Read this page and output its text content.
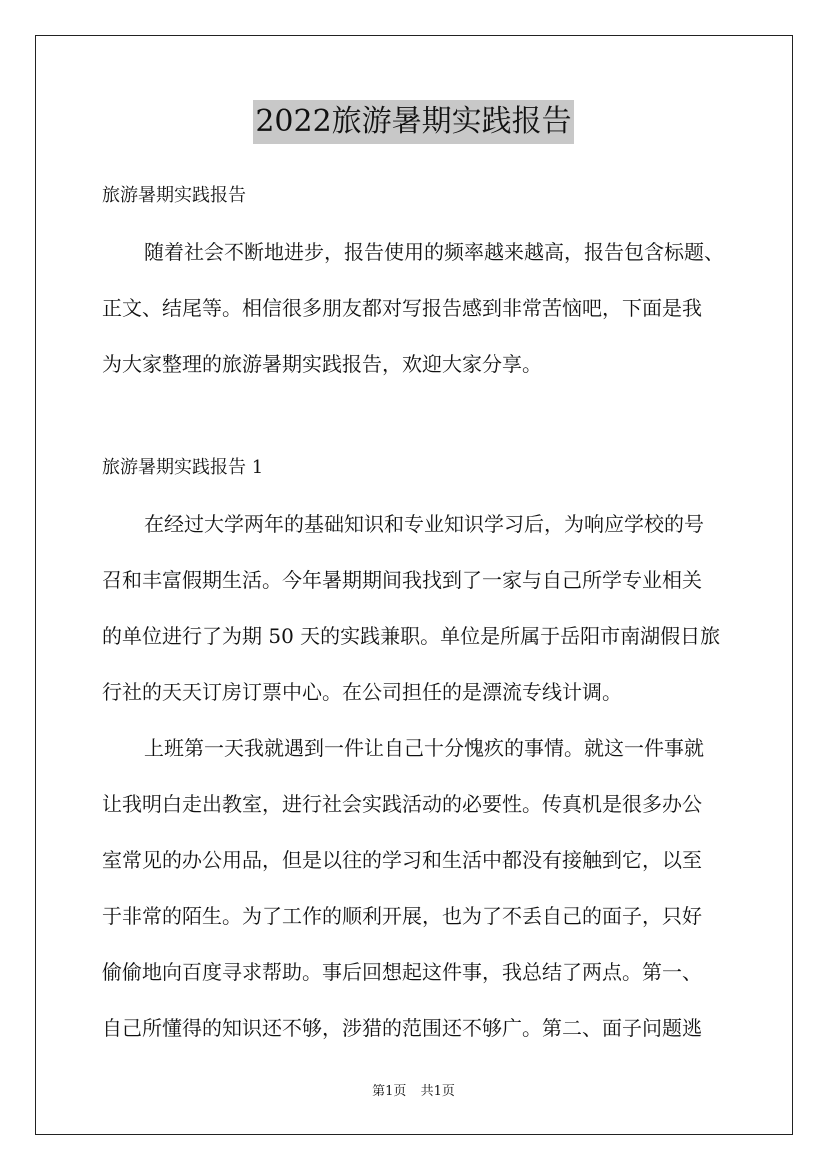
2022旅游暑期实践报告
旅游暑期实践报告
随着社会不断地进步，报告使用的频率越来越高，报告包含标题、
正文、结尾等。相信很多朋友都对写报告感到非常苦恼吧，下面是我
为大家整理的旅游暑期实践报告，欢迎大家分享。
旅游暑期实践报告 1
在经过大学两年的基础知识和专业知识学习后，为响应学校的号
召和丰富假期生活。今年暑期期间我找到了一家与自己所学专业相关
的单位进行了为期 50 天的实践兼职。单位是所属于岳阳市南湖假日旅
行社的天天订房订票中心。在公司担任的是漂流专线计调。
上班第一天我就遇到一件让自己十分愧疚的事情。就这一件事就
让我明白走出教室，进行社会实践活动的必要性。传真机是很多办公
室常见的办公用品，但是以往的学习和生活中都没有接触到它，以至
于非常的陌生。为了工作的顺利开展，也为了不丢自己的面子，只好
偷偷地向百度寻求帮助。事后回想起这件事，我总结了两点。第一、
自己所懂得的知识还不够，涉猎的范围还不够广。第二、面子问题逃
第1页 共1页
